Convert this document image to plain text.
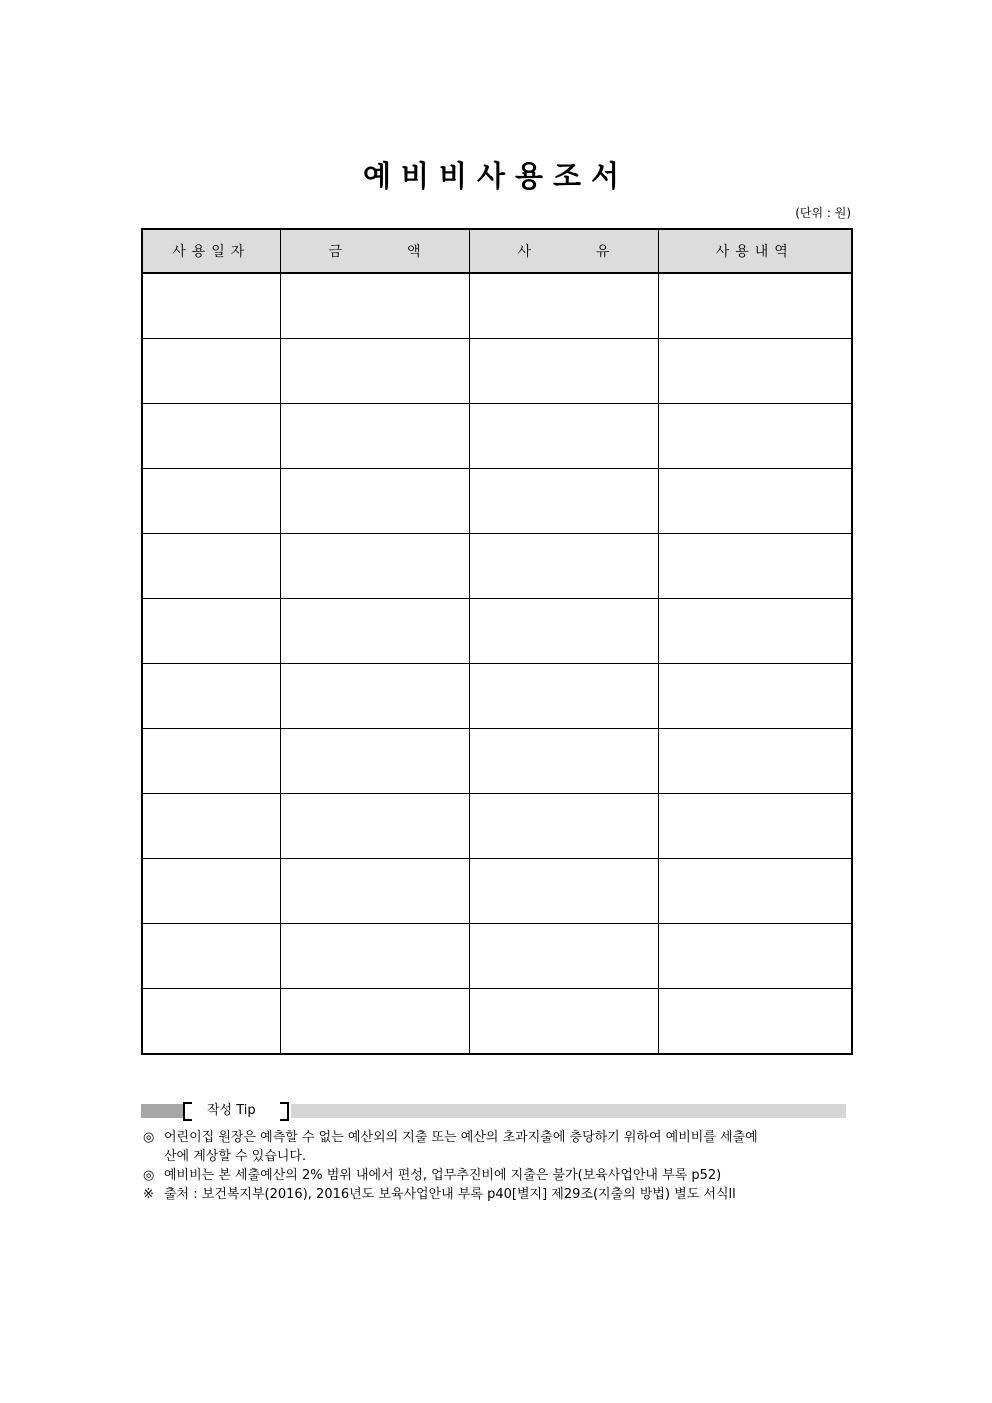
예비비사용조서
(단위 : 원)
사용일자	금 액	사 유	사용내역

작성 Tip
◎ 어린이집 원장은 예측할 수 없는 예산외의 지출 또는 예산의 초과지출에 충당하기 위하여 예비비를 세출예
산에 계상할 수 있습니다.
◎ 예비비는 본 세출예산의 2% 범위 내에서 편성, 업무추진비에 지출은 불가(보육사업안내 부록 p52)
※ 출처 : 보건복지부(2016), 2016년도 보육사업안내 부록 p40[별지] 제29조(지출의 방법) 별도 서식ll
